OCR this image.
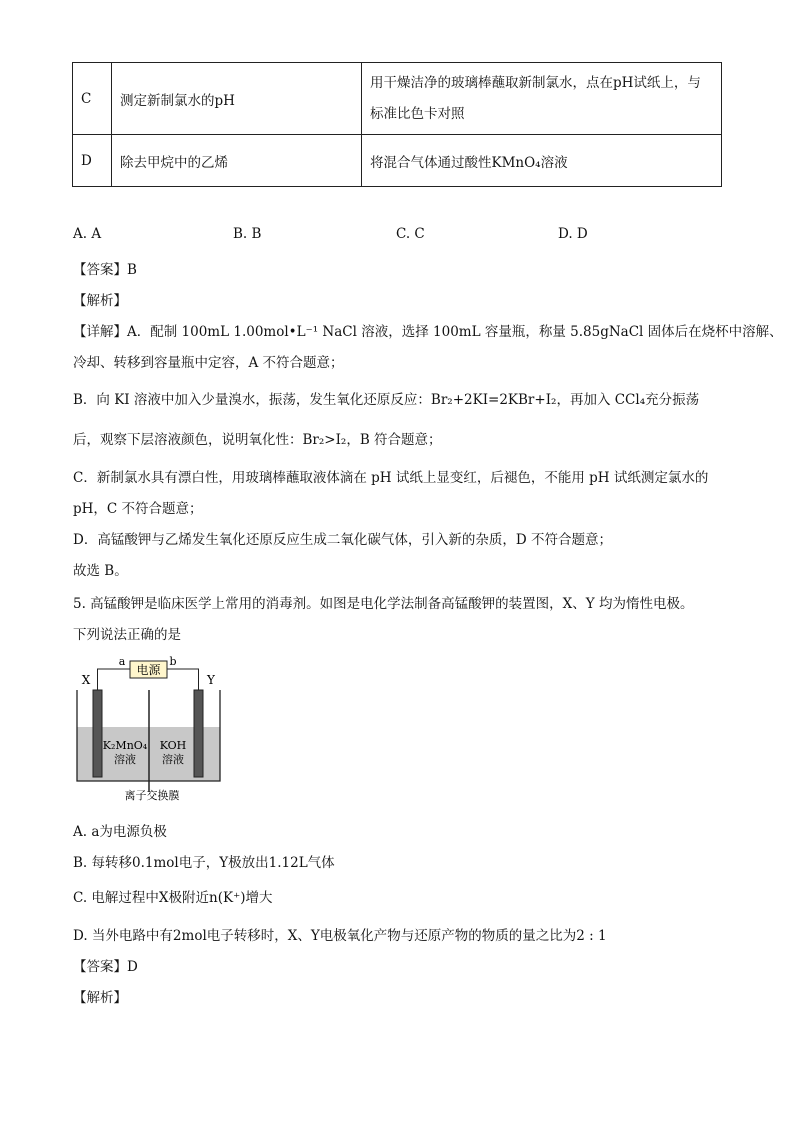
C	测定新制氯水的pH	用干燥洁净的玻璃棒蘸取新制氯水，点在pH试纸上，与
标准比色卡对照

D	除去甲烷中的乙烯	将混合气体通过酸性KMnO₄溶液
A. A	B. B	C. C	D. D
【答案】B
【解析】
【详解】A．配制 100mL 1.00mol•L⁻¹ NaCl 溶液，选择 100mL 容量瓶，称量 5.85gNaCl 固体后在烧杯中溶解、
冷却、转移到容量瓶中定容，A 不符合题意；
B．向 KI 溶液中加入少量溴水，振荡，发生氧化还原反应：Br₂+2KI=2KBr+I₂，再加入 CCl₄充分振荡
后，观察下层溶液颜色，说明氧化性：Br₂>I₂，B 符合题意；
C．新制氯水具有漂白性，用玻璃棒蘸取液体滴在 pH 试纸上显变红，后褪色，不能用 pH 试纸测定氯水的
pH，C 不符合题意；
D．高锰酸钾与乙烯发生氧化还原反应生成二氧化碳气体，引入新的杂质，D 不符合题意；
故选 B。
5. 高锰酸钾是临床医学上常用的消毒剂。如图是电化学法制备高锰酸钾的装置图，X、Y 均为惰性电极。
下列说法正确的是
电源
a	b
X	Y
K₂MnO₄
溶液
KOH
溶液
离子交换膜
A. a为电源负极
B. 每转移0.1mol电子，Y极放出1.12L气体
C. 电解过程中X极附近n(K⁺)增大
D. 当外电路中有2mol电子转移时，X、Y电极氧化产物与还原产物的物质的量之比为2 : 1
【答案】D
【解析】
